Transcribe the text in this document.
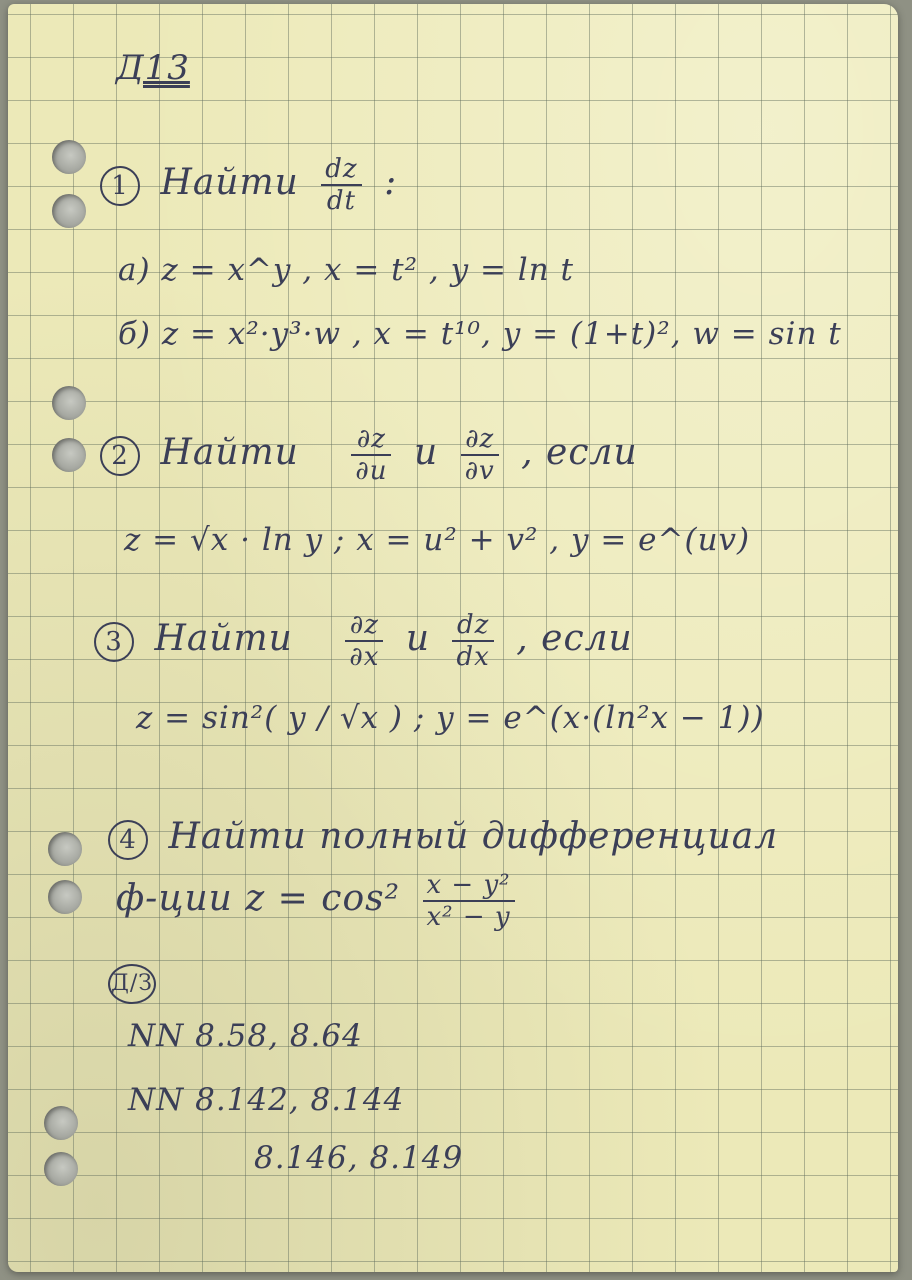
Д13
1 Найти $\frac{dz}{dt}$ :
а) z = x^y , x = t² , y = ln t
б) z = x²·y³·w , x = t¹⁰, y = (1+t)², w = sin t
2 Найти $\frac{\partial z}{\partial u}$ и $\frac{\partial z}{\partial v}$ , если
z = √x · ln y ; x = u² + v² , y = e^(uv)
3 Найти $\frac{\partial z}{\partial x}$ и $\frac{dz}{dx}$ , если
z = sin²( y / √x ) ; y = e^(x·(ln²x − 1))
4 Найти полный дифференциал
ф-ции $z = \cos^2 \frac{\text{x − y²}}{\text{x² − y}}$
Д/З
NN 8.58, 8.64
NN 8.142, 8.144
8.146, 8.149
